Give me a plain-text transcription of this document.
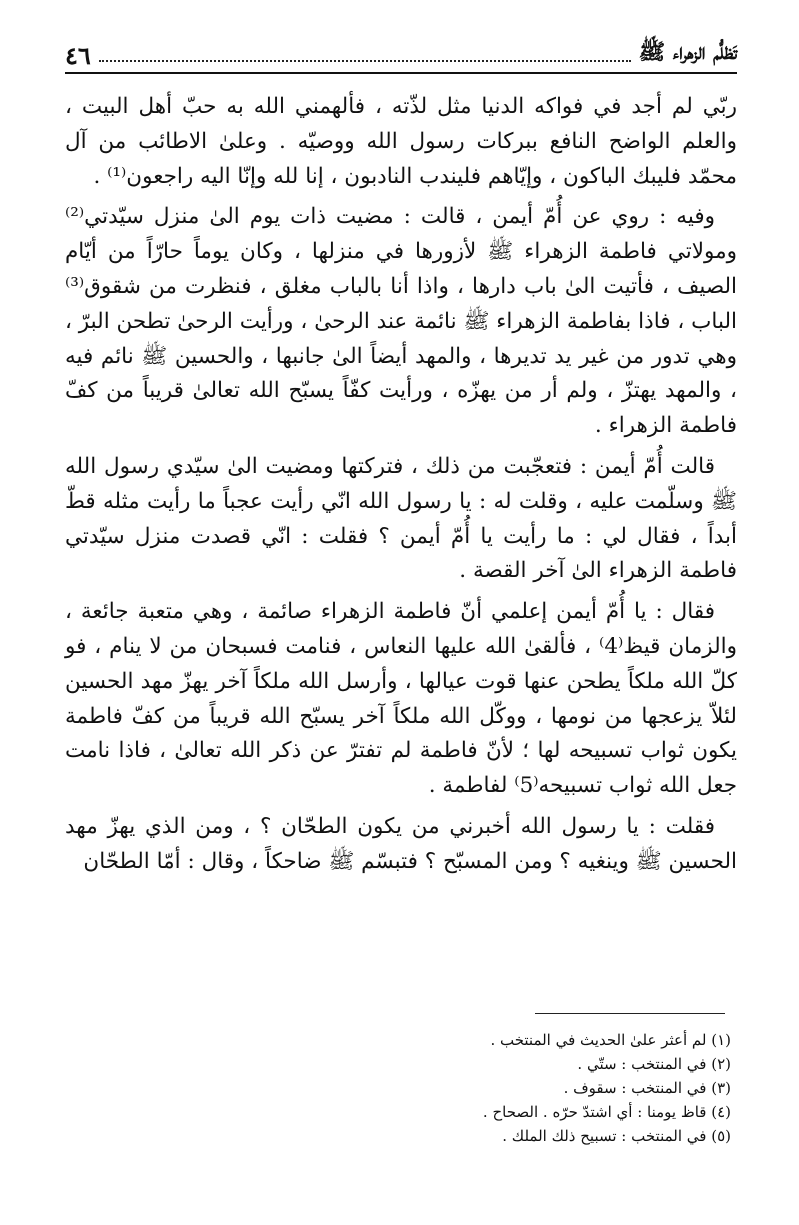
تَظلُّم الزهراء ﷺ
٤٦

ربّي لم أجد في فواكه الدنيا مثل لذّته ، فألهمني الله به حبّ أهل البيت ، والعلم الواضح النافع ببركات رسول الله ووصيّه . وعلىٰ الاطائب من آل محمّد فليبك الباكون ، وإيّاهم فليندب النادبون ، إنا لله وإنّا اليه راجعون⁽¹⁾ .

وفيه : روي عن أُمّ أيمن ، قالت : مضيت ذات يوم الىٰ منزل سيّدتي⁽²⁾ ومولاتي فاطمة الزهراء ﷺ لأزورها في منزلها ، وكان يوماً حارّاً من أيّام الصيف ، فأتيت الىٰ باب دارها ، واذا أنا بالباب مغلق ، فنظرت من شقوق⁽³⁾ الباب ، فاذا بفاطمة الزهراء ﷺ نائمة عند الرحىٰ ، ورأيت الرحىٰ تطحن البرّ ، وهي تدور من غير يد تديرها ، والمهد أيضاً الىٰ جانبها ، والحسين ﷺ نائم فيه ، والمهد يهتزّ ، ولم أر من يهزّه ، ورأيت كفّاً يسبّح الله تعالىٰ قريباً من كفّ فاطمة الزهراء .

قالت أُمّ أيمن : فتعجّبت من ذلك ، فتركتها ومضيت الىٰ سيّدي رسول الله ﷺ وسلّمت عليه ، وقلت له : يا رسول الله انّي رأيت عجباً ما رأيت مثله قطّ أبداً ، فقال لي : ما رأيت يا أُمّ أيمن ؟ فقلت : انّي قصدت منزل سيّدتي فاطمة الزهراء الىٰ آخر القصة .

فقال : يا أُمّ أيمن إعلمي أنّ فاطمة الزهراء صائمة ، وهي متعبة جائعة ، والزمان قيظ⁽4⁾ ، فألقىٰ الله عليها النعاس ، فنامت فسبحان من لا ينام ، فو كلّ الله ملكاً يطحن عنها قوت عيالها ، وأرسل الله ملكاً آخر يهزّ مهد الحسين لئلاّ يزعجها من نومها ، ووكّل الله ملكاً آخر يسبّح الله قريباً من كفّ فاطمة يكون ثواب تسبيحه لها ؛ لأنّ فاطمة لم تفترّ عن ذكر الله تعالىٰ ، فاذا نامت جعل الله ثواب تسبيحه⁽5⁾ لفاطمة .

فقلت : يا رسول الله أخبرني من يكون الطحّان ؟ ، ومن الذي يهزّ مهد الحسين ﷺ وينغيه ؟ ومن المسبّح ؟ فتبسّم ﷺ ضاحكاً ، وقال : أمّا الطحّان

(١) لم أعثر علىٰ الحديث في المنتخب .
(٢) في المنتخب : ستّي .
(٣) في المنتخب : سقوف .
(٤) قاظ يومنا : أي اشتدّ حرّه . الصحاح .
(٥) في المنتخب : تسبيح ذلك الملك .
